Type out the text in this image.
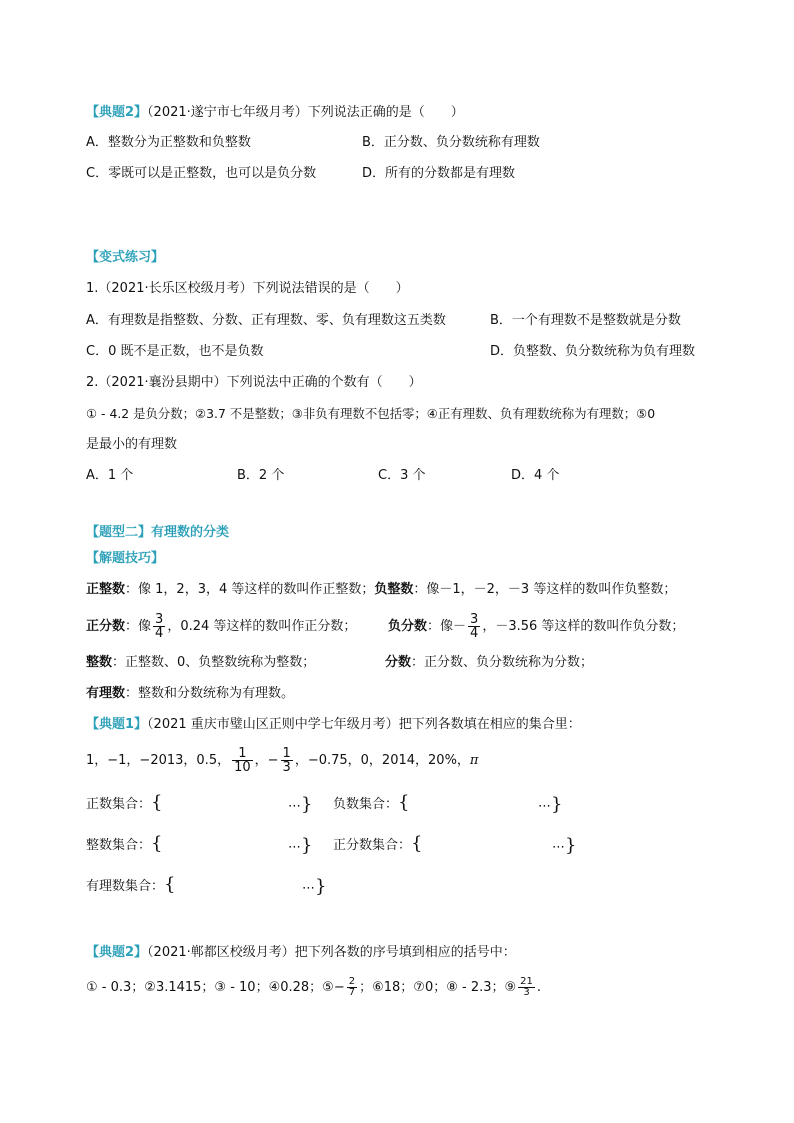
【典题2】（2021·遂宁市七年级月考）下列说法正确的是（　　）
A．整数分为正整数和负整数	B．正分数、负分数统称有理数
C．零既可以是正整数，也可以是负分数	D．所有的分数都是有理数
【变式练习】
1.（2021·长乐区校级月考）下列说法错误的是（　　）
A．有理数是指整数、分数、正有理数、零、负有理数这五类数	B．一个有理数不是整数就是分数
C．0 既不是正数，也不是负数	D．负整数、负分数统称为负有理数
2.（2021·襄汾县期中）下列说法中正确的个数有（　　）
① - 4.2 是负分数；②3.7 不是整数；③非负有理数不包括零；④正有理数、负有理数统称为有理数；⑤0
是最小的有理数
A．1 个	B．2 个	C．3 个	D．4 个
【题型二】有理数的分类
【解题技巧】
正整数：像 1，2，3，4 等这样的数叫作正整数；负整数：像－1，－2，－3 等这样的数叫作负整数；
正分数：像 $\frac{3}{4}$ ，0.24 等这样的数叫作正分数； 负分数：像－ $\frac{3}{4}$ ，－3.56 等这样的数叫作负分数；
整数：正整数、0、负整数统称为整数；	分数：正分数、负分数统称为分数；
有理数：整数和分数统称为有理数。
【典题1】（2021 重庆市璧山区正则中学七年级月考）把下列各数填在相应的集合里：
1，−1，−2013，0.5， $\frac{1}{10}$ ，− $\frac{1}{3}$ ，−0.75，0，2014，20%，π
正数集合：{	⋯} 负数集合：{	⋯}
整数集合：{	⋯} 正分数集合：{	⋯}
有理数集合：{	⋯}
【典题2】（2021·郸都区校级月考）把下列各数的序号填到相应的括号中：
① - 0.3；②3.1415；③ - 10；④0.28；⑤− $\frac{2}{7}$ ；⑥18；⑦0；⑧ - 2.3；⑨ $\frac{21}{3}$ .
